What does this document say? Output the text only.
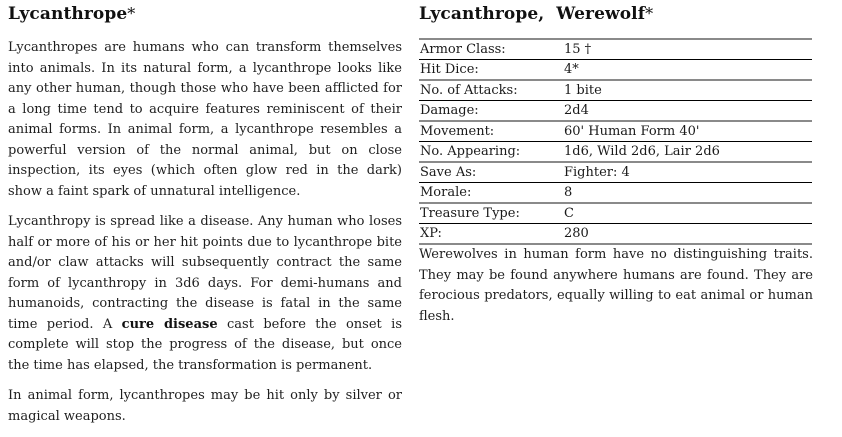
Lycanthrope*

Lycanthropes are humans who can transform themselves into animals. In its natural form, a lycanthrope looks like any other human, though those who have been afflicted for a long time tend to acquire features reminiscent of their animal forms. In animal form, a lycanthrope resembles a powerful version of the normal animal, but on close inspection, its eyes (which often glow red in the dark) show a faint spark of unnatural intelligence.

Lycanthropy is spread like a disease. Any human who loses half or more of his or her hit points due to lycanthrope bite and/or claw attacks will subsequently contract the same form of lycanthropy in 3d6 days. For demi-humans and humanoids, contracting the disease is fatal in the same time period. A cure disease cast before the onset is complete will stop the progress of the disease, but once the time has elapsed, the transformation is permanent.

In animal form, lycanthropes may be hit only by silver or magical weapons.

Lycanthrope, Werewolf*
Armor Class:	15 †
Hit Dice:	4*
No. of Attacks:	1 bite
Damage:	2d4
Movement:	60' Human Form 40'
No. Appearing:	1d6, Wild 2d6, Lair 2d6
Save As:	Fighter: 4
Morale:	8
Treasure Type:	C
XP:	280

Werewolves in human form have no distinguishing traits. They may be found anywhere humans are found. They are ferocious predators, equally willing to eat animal or human flesh.
